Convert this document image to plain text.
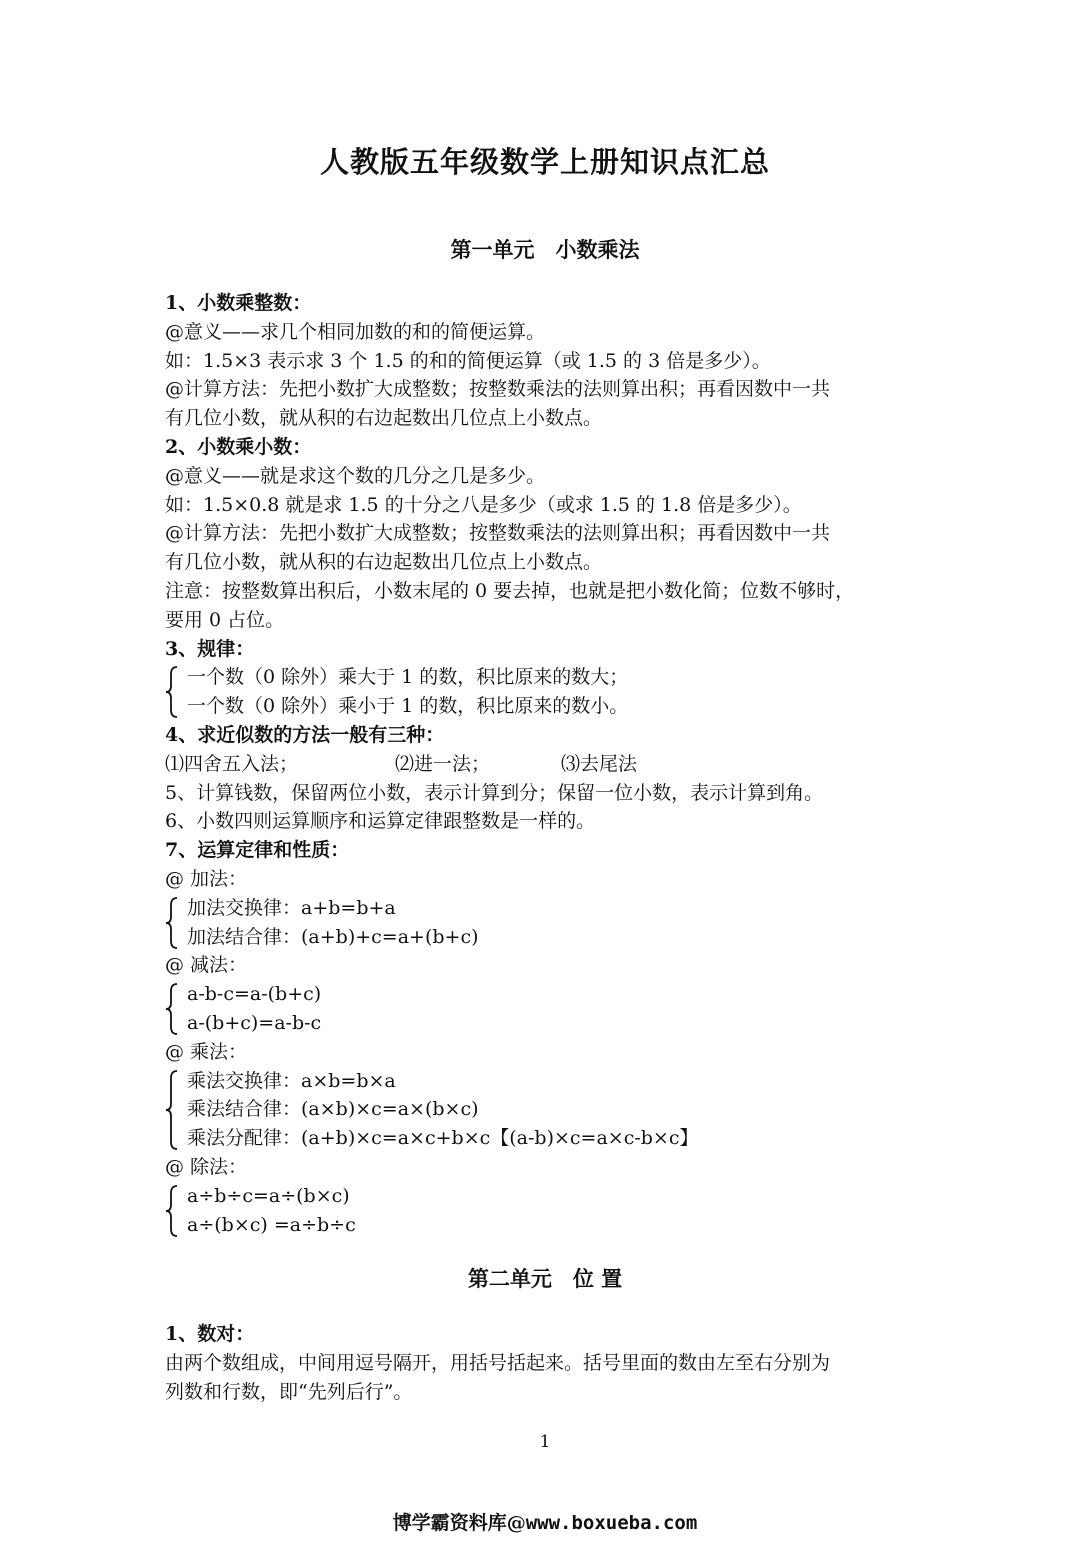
人教版五年级数学上册知识点汇总
第一单元　小数乘法
1、小数乘整数：
@意义——求几个相同加数的和的简便运算。
如：1.5×3 表示求 3 个 1.5 的和的简便运算（或 1.5 的 3 倍是多少）。
@计算方法：先把小数扩大成整数；按整数乘法的法则算出积；再看因数中一共
有几位小数，就从积的右边起数出几位点上小数点。
2、小数乘小数：
@意义——就是求这个数的几分之几是多少。
如：1.5×0.8 就是求 1.5 的十分之八是多少（或求 1.5 的 1.8 倍是多少）。
@计算方法：先把小数扩大成整数；按整数乘法的法则算出积；再看因数中一共
有几位小数，就从积的右边起数出几位点上小数点。
注意：按整数算出积后，小数末尾的 0 要去掉，也就是把小数化简；位数不够时，
要用 0 占位。
3、规律：
一个数（0 除外）乘大于 1 的数，积比原来的数大；
一个数（0 除外）乘小于 1 的数，积比原来的数小。
4、求近似数的方法一般有三种：
⑴四舍五入法；	⑵进一法；	⑶去尾法
5、计算钱数，保留两位小数，表示计算到分；保留一位小数，表示计算到角。
6、小数四则运算顺序和运算定律跟整数是一样的。
7、运算定律和性质：
@ 加法：
加法交换律：a+b=b+a
加法结合律：(a+b)+c=a+(b+c)
@ 减法：
a-b-c=a-(b+c)
a-(b+c)=a-b-c
@ 乘法：
乘法交换律：a×b=b×a
乘法结合律：(a×b)×c=a×(b×c)
乘法分配律：(a+b)×c=a×c+b×c【(a-b)×c=a×c-b×c】
@ 除法：
a÷b÷c=a÷(b×c)
a÷(b×c) =a÷b÷c
第二单元　位 置
1、数对：
由两个数组成，中间用逗号隔开，用括号括起来。括号里面的数由左至右分别为
列数和行数，即“先列后行”。
1
博学霸资料库@www.boxueba.com
